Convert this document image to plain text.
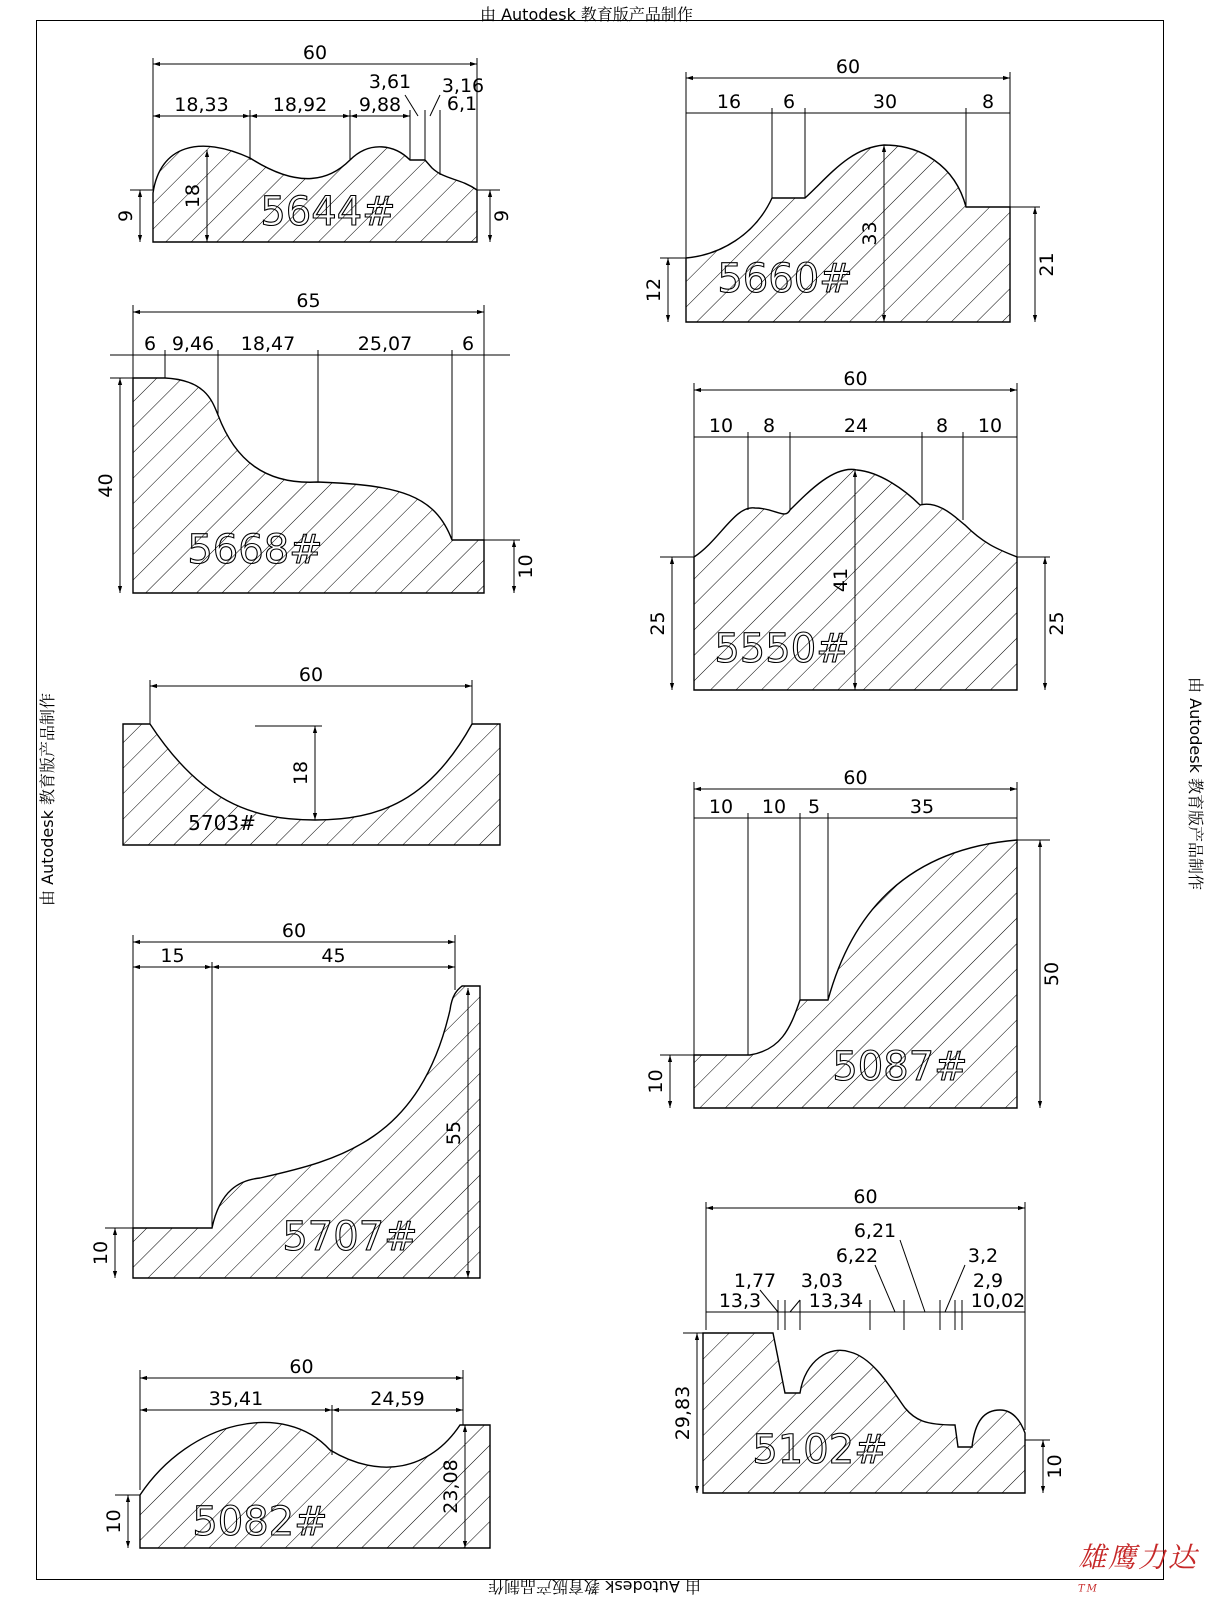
由 Autodesk 教育版产品制作
由 Autodesk 教育版产品制作
由 Autodesk 教育版产品制作	由 Autodesk 教育版产品制作
雄鹰力达™
5644#
60
18,33 18,92 9,88
3,61 3,16
6,1
18
9	9
5668#
65
6 9,46 18,47	25,07	6
40
10
5703#
60
18
5707#
60
15	45
55
10
5082#
60
35,41	24,59
23,08
10
5660#
60
16 6	30	8
33
12
21
5550#
60
10 8	24	8 10
41
25	25
5087#
60
10 10 5	35
50
10
5102#
60
1,77 3,03
6,22
6,21
3,2
2,9
13,3	13,34	10,02
29,83
10
